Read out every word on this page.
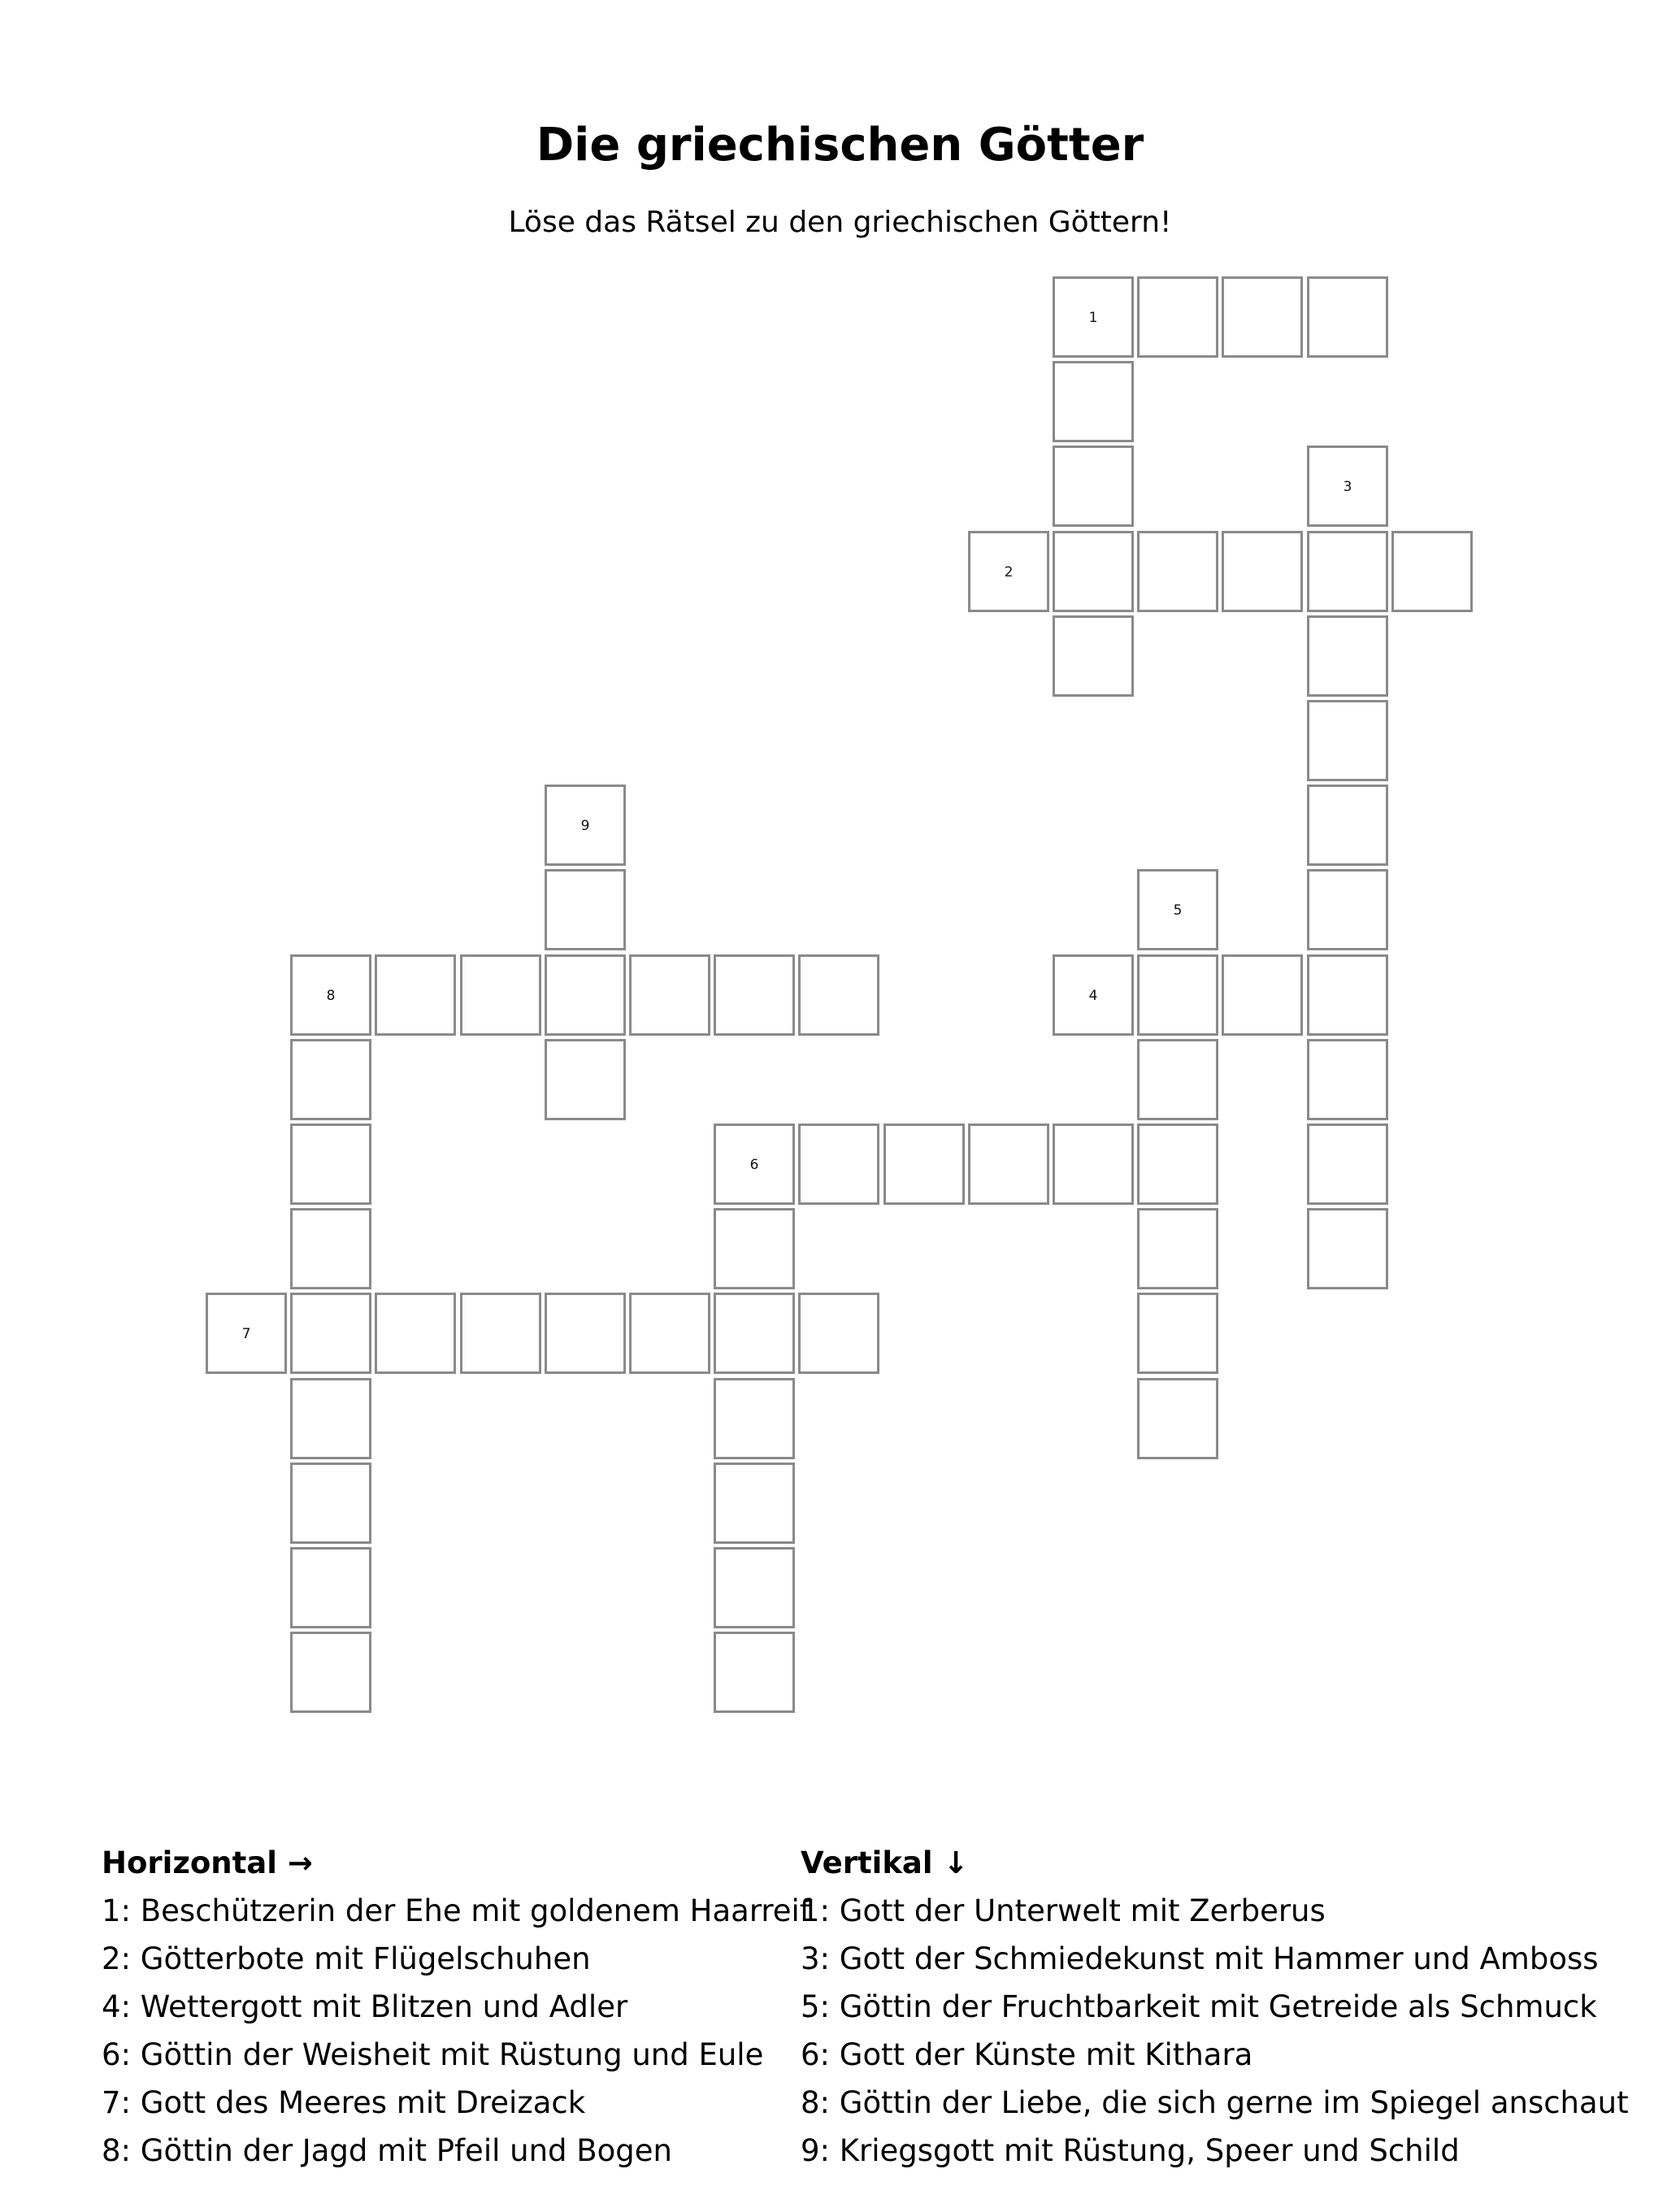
Die griechischen Götter
Löse das Rätsel zu den griechischen Göttern!
1
3
2
9
5
8	4
6
7
Horizontal →
1: Beschützerin der Ehe mit goldenem Haarreif
2: Götterbote mit Flügelschuhen
4: Wettergott mit Blitzen und Adler
6: Göttin der Weisheit mit Rüstung und Eule
7: Gott des Meeres mit Dreizack
8: Göttin der Jagd mit Pfeil und Bogen
Vertikal ↓
1: Gott der Unterwelt mit Zerberus
3: Gott der Schmiedekunst mit Hammer und Amboss
5: Göttin der Fruchtbarkeit mit Getreide als Schmuck
6: Gott der Künste mit Kithara
8: Göttin der Liebe, die sich gerne im Spiegel anschaut
9: Kriegsgott mit Rüstung, Speer und Schild
